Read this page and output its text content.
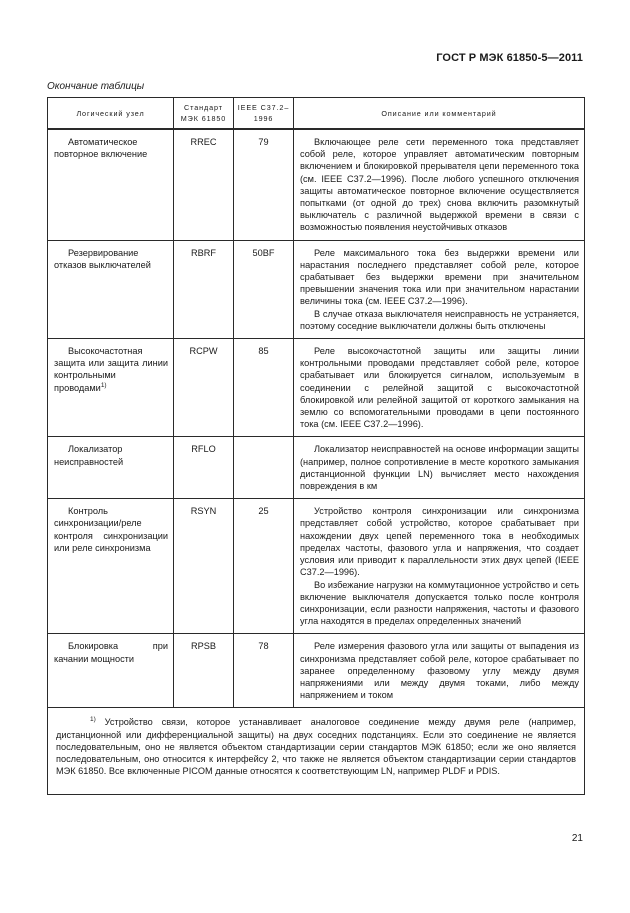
ГОСТ Р МЭК 61850-5—2011
Окончание таблицы
Логический узел	Стандарт МЭК 61850	IEEE C37.2–1996	Описание или комментарий
Автоматическое повторное включение	RREC	79	Включающее реле сети переменного тока представляет собой реле, которое управляет автоматическим повторным включением и блокировкой прерывателя цепи переменного тока (см. IEEE C37.2—1996). После любого успешного отключения защиты автоматическое повторное включение осуществляется попытками (от одной до трех) снова включить разомкнутый выключатель с различной выдержкой времени в связи с возможностью появления неустойчивых отказов

Резервирование отказов выключателей	RBRF	50BF	Реле максимального тока без выдержки времени или нарастания последнего представляет собой реле, которое срабатывает без выдержки времени при значительном превышении значения тока или при значительном нарастании величины тока (см. IEEE C37.2—1996).

В случае отказа выключателя неисправность не устраняется, поэтому соседние выключатели должны быть отключены

Высокочастотная защита или защита линии контрольными проводами$^{1)}$	RCPW	85	Реле высокочастотной защиты или защиты линии контрольными проводами представляет собой реле, которое срабатывает или блокируется сигналом, используемым в соединении с релейной защитой с высокочастотной блокировкой или релейной защитой от короткого замыкания на землю со вспомогательными проводами в цепи постоянного тока (см. IEEE C37.2—1996).

Локализатор неисправностей	RFLO		Локализатор неисправностей на основе информации защиты (например, полное сопротивление в месте короткого замыкания дистанционной функции LN) вычисляет место нахождения повреждения в км

Контроль синхронизации/реле контроля синхронизации или реле синхронизма	RSYN	25	Устройство контроля синхронизации или синхронизма представляет собой устройство, которое срабатывает при нахождении двух цепей переменного тока в необходимых пределах частоты, фазового угла и напряжения, что создает условия или приводит к параллельности этих двух цепей (IEEE C37.2—1996).

Во избежание нагрузки на коммутационное устройство и сеть включение выключателя допускается только после контроля синхронизации, если разности напряжения, частоты и фазового угла находятся в пределах определенных значений

Блокировка при качании мощности	RPSB	78	Реле измерения фазового угла или защиты от выпадения из синхронизма представляет собой реле, которое срабатывает по заранее определенному фазовому углу между двумя напряжениями или между двумя токами, либо между напряжением и током

$^{1)}$ Устройство связи, которое устанавливает аналоговое соединение между двумя реле (например, дистанционной или дифференциальной защиты) на двух соседних подстанциях. Если это соединение не является последовательным, оно не является объектом стандартизации серии стандартов МЭК 61850; если же оно является последовательным, оно относится к интерфейсу 2, что также не является объектом стандартизации серии стандартов МЭК 61850. Все включенные PICOM данные относятся к соответствующим LN, например PLDF и PDIS.			

21
